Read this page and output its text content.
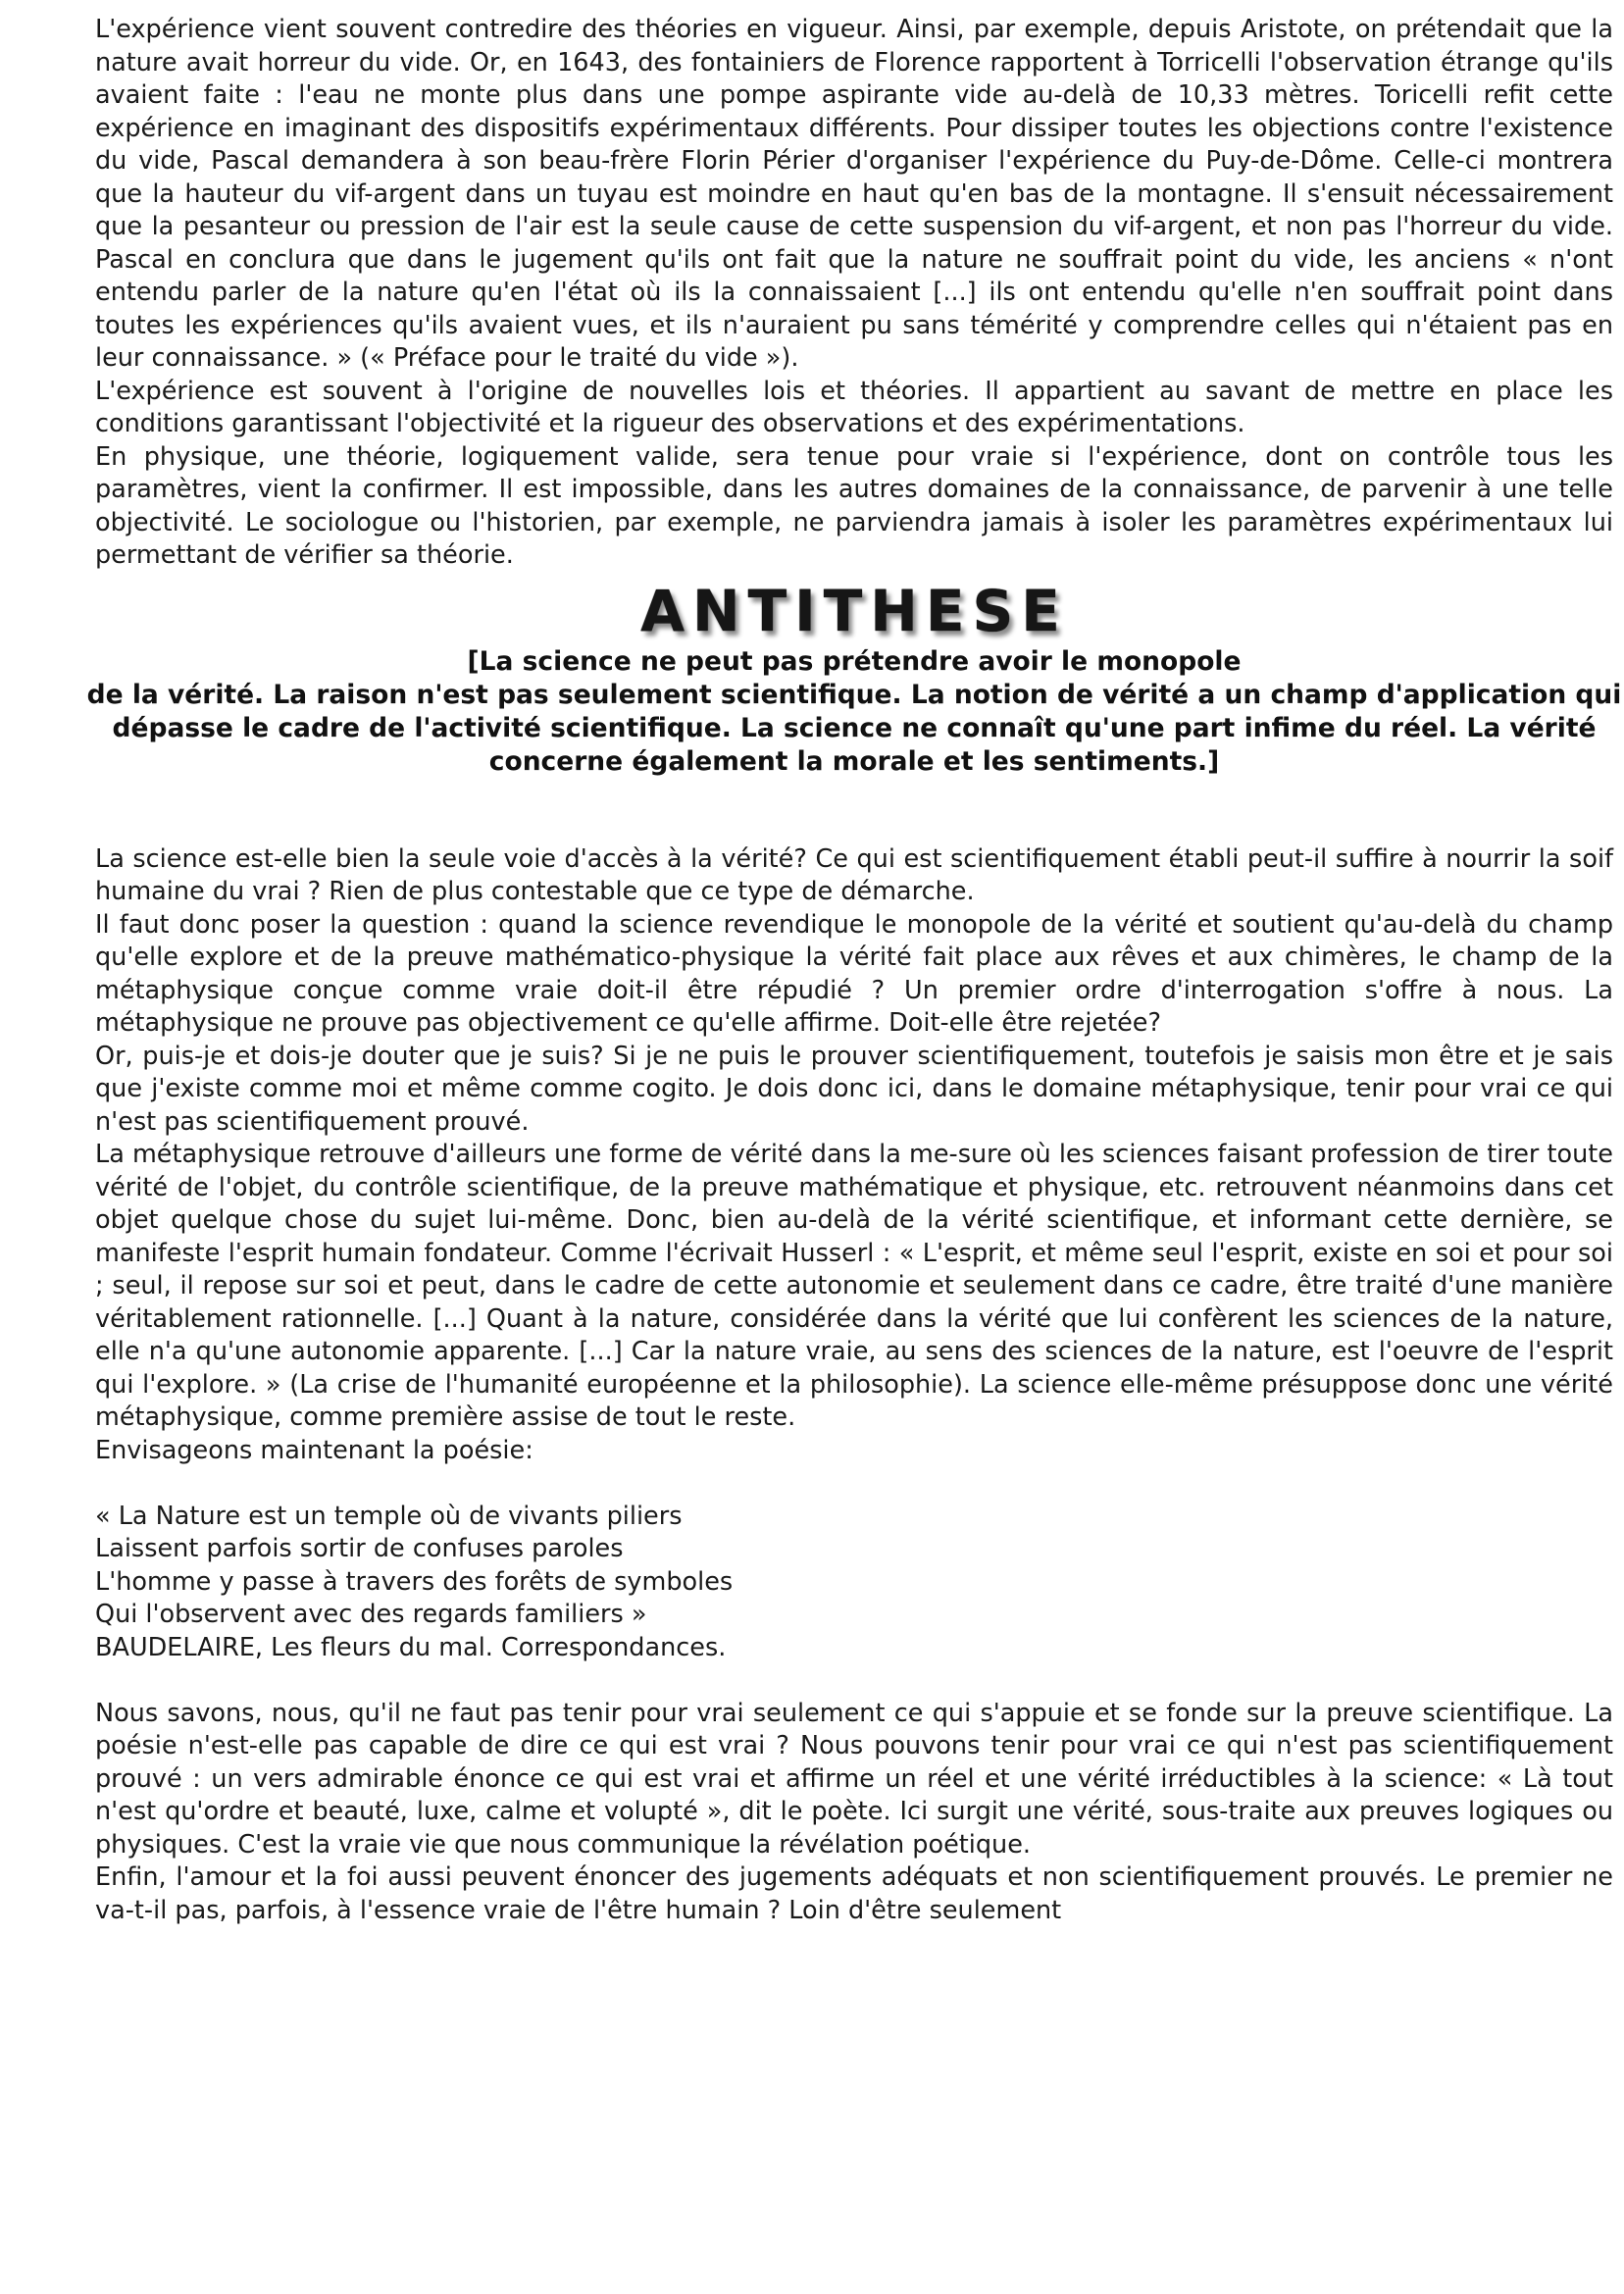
L'expérience vient souvent contredire des théories en vigueur. Ainsi, par exemple, depuis Aristote, on prétendait que la nature avait horreur du vide. Or, en 1643, des fontainiers de Florence rapportent à Torricelli l'observation étrange qu'ils avaient faite : l'eau ne monte plus dans une pompe aspirante vide au-delà de 10,33 mètres. Toricelli refit cette expérience en imaginant des dispositifs expérimentaux différents. Pour dissiper toutes les objections contre l'existence du vide, Pascal demandera à son beau-frère Florin Périer d'organiser l'expérience du Puy-de-Dôme. Celle-ci montrera que la hauteur du vif-argent dans un tuyau est moindre en haut qu'en bas de la montagne. Il s'ensuit nécessairement que la pesanteur ou pression de l'air est la seule cause de cette suspension du vif-argent, et non pas l'horreur du vide. Pascal en conclura que dans le jugement qu'ils ont fait que la nature ne souffrait point du vide, les anciens « n'ont entendu parler de la nature qu'en l'état où ils la connaissaient [...] ils ont entendu qu'elle n'en souffrait point dans toutes les expériences qu'ils avaient vues, et ils n'auraient pu sans témérité y comprendre celles qui n'étaient pas en leur connaissance. » (« Préface pour le traité du vide »).

L'expérience est souvent à l'origine de nouvelles lois et théories. Il appartient au savant de mettre en place les conditions garantissant l'objectivité et la rigueur des observations et des expérimentations.

En physique, une théorie, logiquement valide, sera tenue pour vraie si l'expérience, dont on contrôle tous les paramètres, vient la confirmer. Il est impossible, dans les autres domaines de la connaissance, de parvenir à une telle objectivité. Le sociologue ou l'historien, par exemple, ne parviendra jamais à isoler les paramètres expérimentaux lui permettant de vérifier sa théorie.

ANTITHESE
[La science ne peut pas prétendre avoir le monopole
de la vérité. La raison n'est pas seulement scientifique. La notion de vérité a un champ d'application qui
dépasse le cadre de l'activité scientifique. La science ne connaît qu'une part infime du réel. La vérité
concerne également la morale et les sentiments.]

La science est-elle bien la seule voie d'accès à la vérité? Ce qui est scientifiquement établi peut-il suffire à nourrir la soif humaine du vrai ? Rien de plus contestable que ce type de démarche.

Il faut donc poser la question : quand la science revendique le monopole de la vérité et soutient qu'au-delà du champ qu'elle explore et de la preuve mathématico-physique la vérité fait place aux rêves et aux chimères, le champ de la métaphysique conçue comme vraie doit-il être répudié ? Un premier ordre d'interrogation s'offre à nous. La métaphysique ne prouve pas objectivement ce qu'elle affirme. Doit-elle être rejetée?

Or, puis-je et dois-je douter que je suis? Si je ne puis le prouver scientifiquement, toutefois je saisis mon être et je sais que j'existe comme moi et même comme cogito. Je dois donc ici, dans le domaine métaphysique, tenir pour vrai ce qui n'est pas scientifiquement prouvé.

La métaphysique retrouve d'ailleurs une forme de vérité dans la me-sure où les sciences faisant profession de tirer toute vérité de l'objet, du contrôle scientifique, de la preuve mathématique et physique, etc. retrouvent néanmoins dans cet objet quelque chose du sujet lui-même. Donc, bien au-delà de la vérité scientifique, et informant cette dernière, se manifeste l'esprit humain fondateur. Comme l'écrivait Husserl : « L'esprit, et même seul l'esprit, existe en soi et pour soi ; seul, il repose sur soi et peut, dans le cadre de cette autonomie et seulement dans ce cadre, être traité d'une manière véritablement rationnelle. [...] Quant à la nature, considérée dans la vérité que lui confèrent les sciences de la nature, elle n'a qu'une autonomie apparente. [...] Car la nature vraie, au sens des sciences de la nature, est l'oeuvre de l'esprit qui l'explore. » (La crise de l'humanité européenne et la philosophie). La science elle-même présuppose donc une vérité métaphysique, comme première assise de tout le reste.

Envisageons maintenant la poésie:

« La Nature est un temple où de vivants piliers
Laissent parfois sortir de confuses paroles
L'homme y passe à travers des forêts de symboles
Qui l'observent avec des regards familiers »
BAUDELAIRE, Les fleurs du mal. Correspondances.

Nous savons, nous, qu'il ne faut pas tenir pour vrai seulement ce qui s'appuie et se fonde sur la preuve scientifique. La poésie n'est-elle pas capable de dire ce qui est vrai ? Nous pouvons tenir pour vrai ce qui n'est pas scientifiquement prouvé : un vers admirable énonce ce qui est vrai et affirme un réel et une vérité irréductibles à la science: « Là tout n'est qu'ordre et beauté, luxe, calme et volupté », dit le poète. Ici surgit une vérité, sous-traite aux preuves logiques ou physiques. C'est la vraie vie que nous communique la révélation poétique.

Enfin, l'amour et la foi aussi peuvent énoncer des jugements adéquats et non scientifiquement prouvés. Le premier ne va-t-il pas, parfois, à l'essence vraie de l'être humain ? Loin d'être seulement
